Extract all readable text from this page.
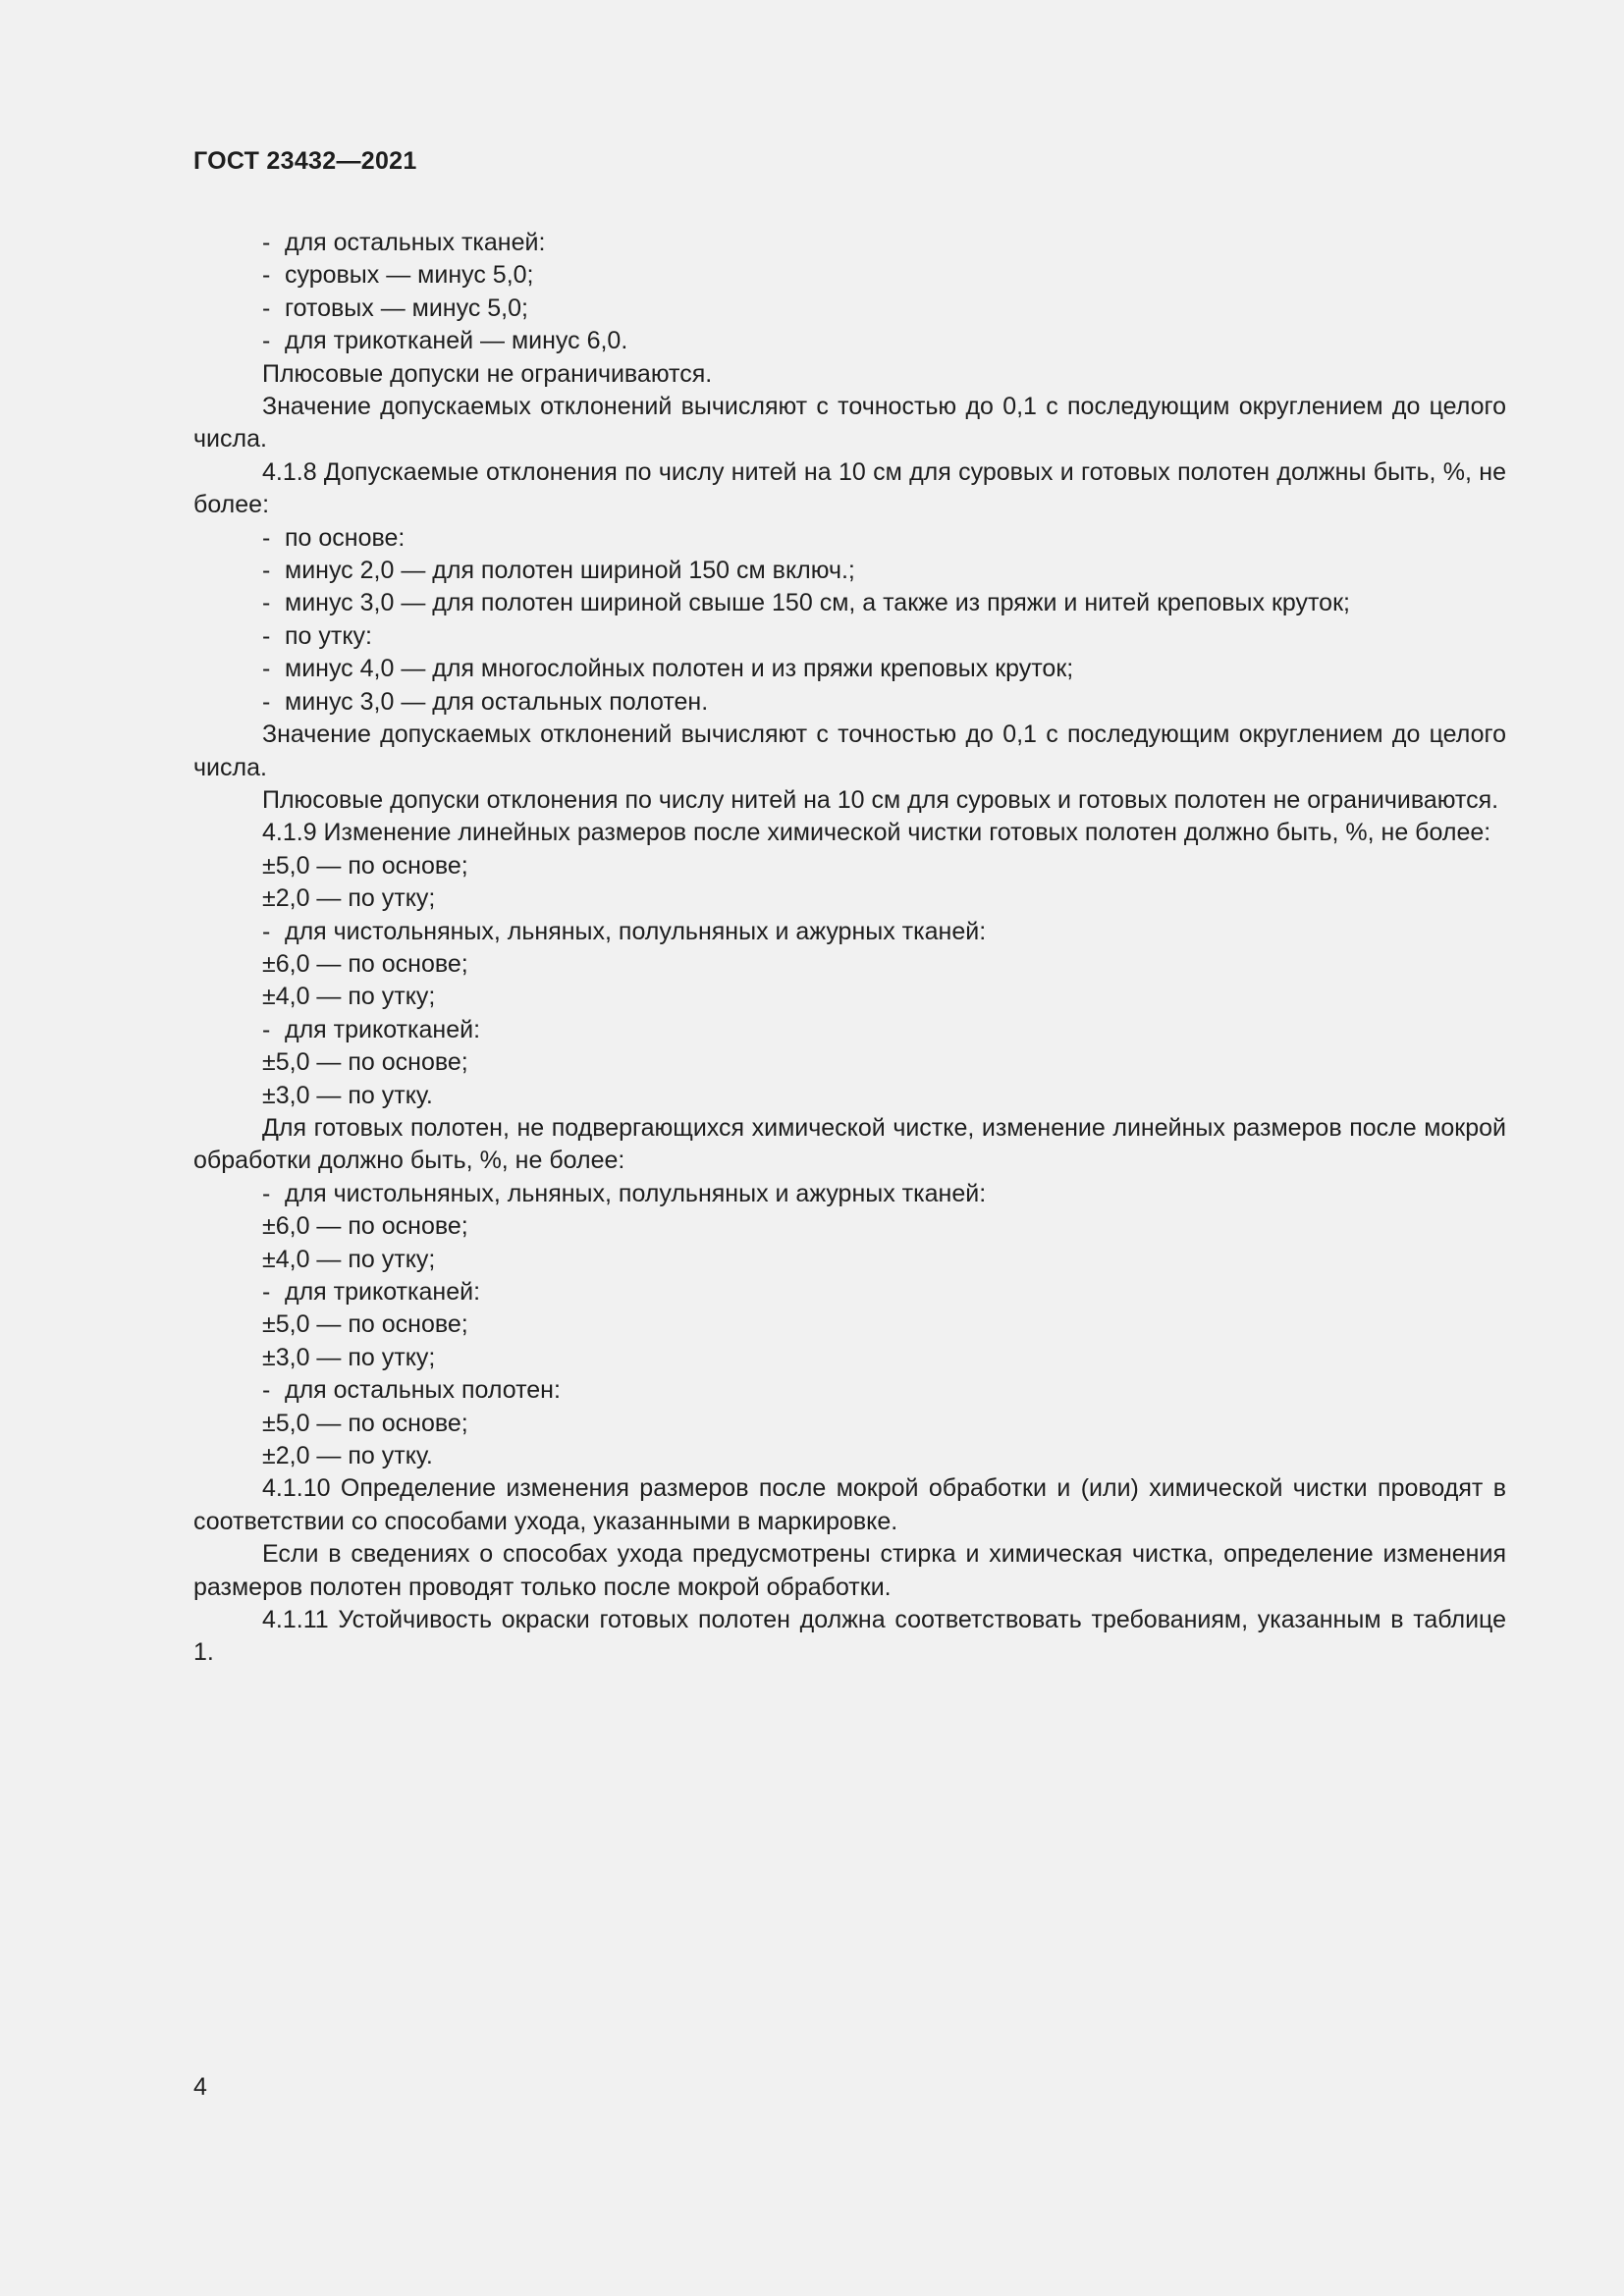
ГОСТ 23432—2021
- для остальных тканей:
- суровых — минус 5,0;
- готовых — минус 5,0;
- для трикотканей — минус 6,0.
Плюсовые допуски не ограничиваются.
Значение допускаемых отклонений вычисляют с точностью до 0,1 с последующим округлением до целого числа.
4.1.8 Допускаемые отклонения по числу нитей на 10 см для суровых и готовых полотен должны быть, %, не более:
- по основе:
- минус 2,0 — для полотен шириной 150 см включ.;
- минус 3,0 — для полотен шириной свыше 150 см, а также из пряжи и нитей креповых круток;
- по утку:
- минус 4,0 — для многослойных полотен и из пряжи креповых круток;
- минус 3,0 — для остальных полотен.
Значение допускаемых отклонений вычисляют с точностью до 0,1 с последующим округлением до целого числа.
Плюсовые допуски отклонения по числу нитей на 10 см для суровых и готовых полотен не ограничиваются.
4.1.9 Изменение линейных размеров после химической чистки готовых полотен должно быть, %, не более:
±5,0 — по основе;
±2,0 — по утку;
- для чистольняных, льняных, полульняных и ажурных тканей:
±6,0 — по основе;
±4,0 — по утку;
- для трикотканей:
±5,0 — по основе;
±3,0 — по утку.
Для готовых полотен, не подвергающихся химической чистке, изменение линейных размеров после мокрой обработки должно быть, %, не более:
- для чистольняных, льняных, полульняных и ажурных тканей:
±6,0 — по основе;
±4,0 — по утку;
- для трикотканей:
±5,0 — по основе;
±3,0 — по утку;
- для остальных полотен:
±5,0 — по основе;
±2,0 — по утку.
4.1.10 Определение изменения размеров после мокрой обработки и (или) химической чистки проводят в соответствии со способами ухода, указанными в маркировке.
Если в сведениях о способах ухода предусмотрены стирка и химическая чистка, определение изменения размеров полотен проводят только после мокрой обработки.
4.1.11 Устойчивость окраски готовых полотен должна соответствовать требованиям, указанным в таблице 1.
4
